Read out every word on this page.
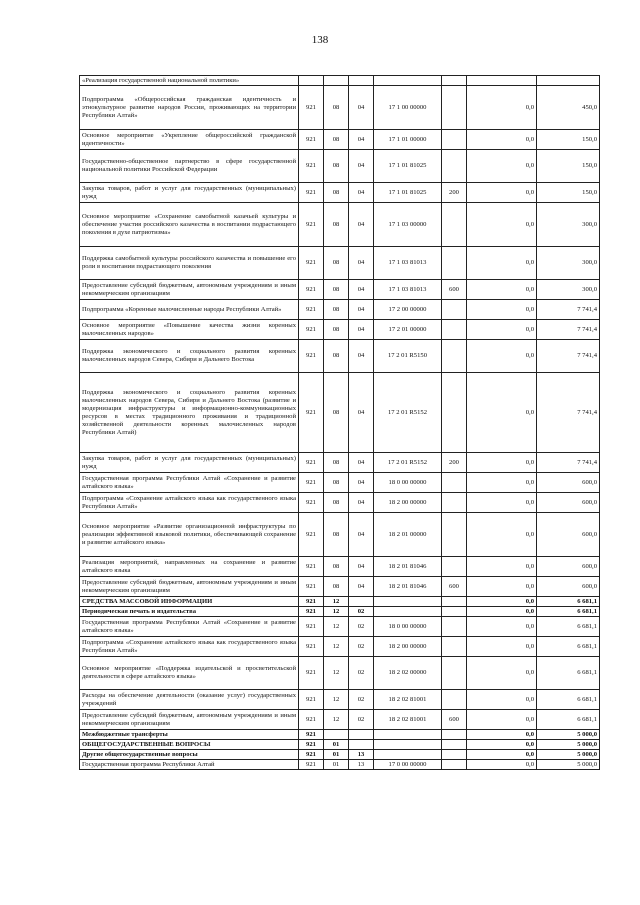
138
«Реализация государственной национальной политики»							
Подпрограмма «Общероссийская гражданская идентичность и этнокультурное развитие народов России, проживающих на территории Республики Алтай»	921	08	04	17 1 00 00000		0,0	450,0
Основное мероприятие «Укрепление общероссийской гражданской идентичности»	921	08	04	17 1 01 00000		0,0	150,0
Государственно-общественное партнерство в сфере государственной национальной политики Российской Федерации	921	08	04	17 1 01 81025		0,0	150,0
Закупка товаров, работ и услуг для государственных (муниципальных) нужд	921	08	04	17 1 01 81025	200	0,0	150,0
Основное мероприятие «Сохранение самобытной казачьей культуры и обеспечение участия российского казачества в воспитании подрастающего поколения в духе патриотизма»	921	08	04	17 1 03 00000		0,0	300,0
Поддержка самобытной культуры российского казачества и повышение его роли в воспитании подрастающего поколения	921	08	04	17 1 03 81013		0,0	300,0
Предоставление субсидий бюджетным, автономным учреждениям и иным некоммерческим организациям	921	08	04	17 1 03 81013	600	0,0	300,0
Подпрограмма «Коренные малочисленные народы Республики Алтай»	921	08	04	17 2 00 00000		0,0	7 741,4
Основное мероприятие «Повышение качества жизни коренных малочисленных народов»	921	08	04	17 2 01 00000		0,0	7 741,4
Поддержка экономического и социального развития коренных малочисленных народов Севера, Сибири и Дальнего Востока	921	08	04	17 2 01 R5150		0,0	7 741,4
Поддержка экономического и социального развития коренных малочисленных народов Севера, Сибири и Дальнего Востока (развитие и модернизация инфраструктуры и информационно-коммуникационных ресурсов в местах традиционного проживания и традиционной хозяйственной деятельности коренных малочисленных народов Республики Алтай)	921	08	04	17 2 01 R5152		0,0	7 741,4
Закупка товаров, работ и услуг для государственных (муниципальных) нужд	921	08	04	17 2 01 R5152	200	0,0	7 741,4
Государственная программа Республики Алтай «Сохранение и развитие алтайского языка»	921	08	04	18 0 00 00000		0,0	600,0
Подпрограмма «Сохранение алтайского языка как государственного языка Республики Алтай»	921	08	04	18 2 00 00000		0,0	600,0
Основное мероприятие «Развитие организационной инфраструктуры по реализации эффективной языковой политики, обеспечивающей сохранение и развитие алтайского языка»	921	08	04	18 2 01 00000		0,0	600,0
Реализация мероприятий, направленных на сохранение и развитие алтайского языка	921	08	04	18 2 01 81046		0,0	600,0
Предоставление субсидий бюджетным, автономным учреждениям и иным некоммерческим организациям	921	08	04	18 2 01 81046	600	0,0	600,0
СРЕДСТВА МАССОВОЙ ИНФОРМАЦИИ	921	12				0,0	6 681,1
Периодическая печать и издательства	921	12	02			0,0	6 681,1
Государственная программа Республики Алтай «Сохранение и развитие алтайского языка»	921	12	02	18 0 00 00000		0,0	6 681,1
Подпрограмма «Сохранение алтайского языка как государственного языка Республики Алтай»	921	12	02	18 2 00 00000		0,0	6 681,1
Основное мероприятие «Поддержка издательской и просветительской деятельности в сфере алтайского языка»	921	12	02	18 2 02 00000		0,0	6 681,1
Расходы на обеспечение деятельности (оказание услуг) государственных учреждений	921	12	02	18 2 02 81001		0,0	6 681,1
Предоставление субсидий бюджетным, автономным учреждениям и иным некоммерческим организациям	921	12	02	18 2 02 81001	600	0,0	6 681,1
Межбюджетные трансферты	921					0,0	5 000,0
ОБЩЕГОСУДАРСТВЕННЫЕ ВОПРОСЫ	921	01				0,0	5 000,0
Другие общегосударственные вопросы	921	01	13			0,0	5 000,0
Государственная программа Республики Алтай	921	01	13	17 0 00 00000		0,0	5 000,0
